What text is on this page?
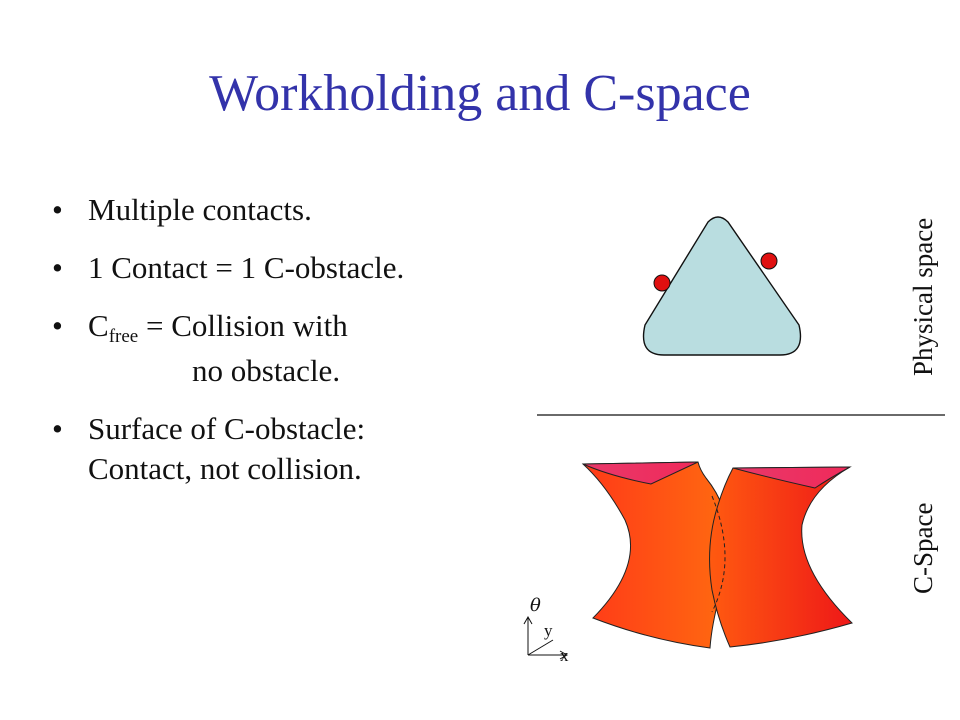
Workholding and C-space
• Multiple contacts.
• 1 Contact = 1 C-obstacle.
• Cfree = Collision with
no obstacle.
• Surface of C-obstacle:
Contact, not collision.
θ
y
x
Physical space
C-Space
